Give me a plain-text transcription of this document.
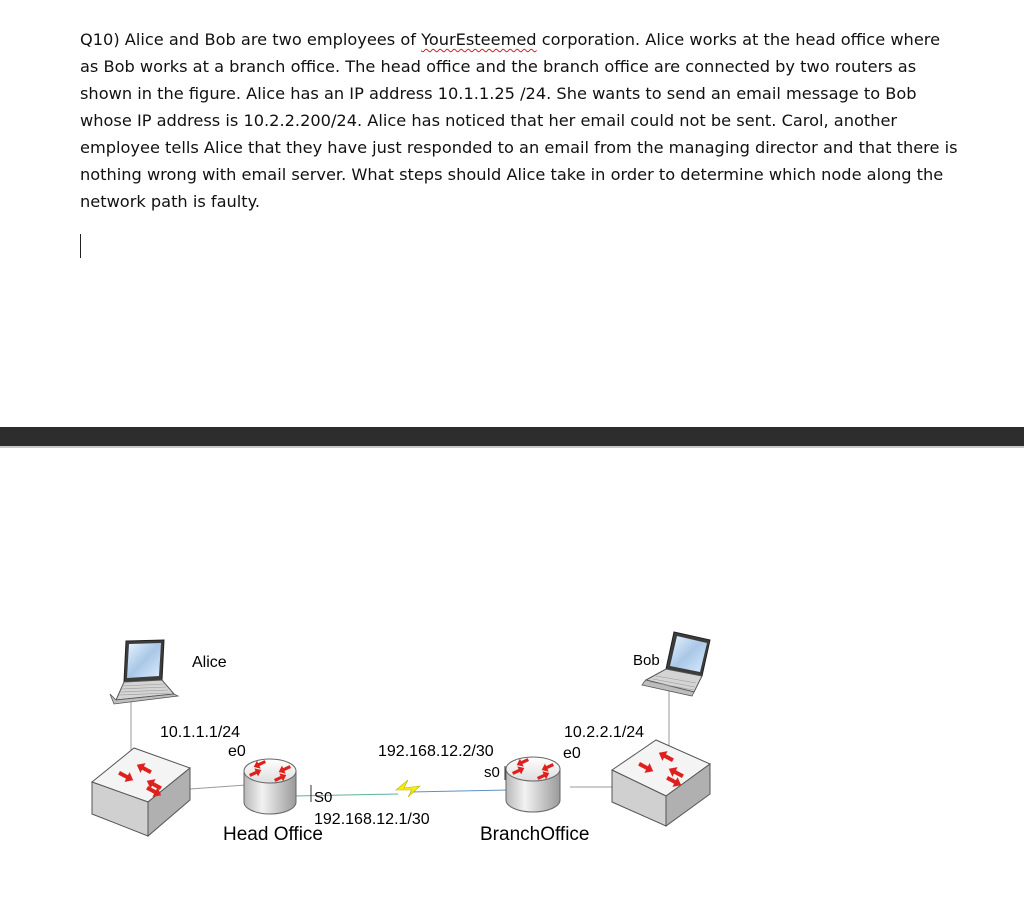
Q10) Alice and Bob are two employees of YourEsteemed corporation. Alice works at the head office where as Bob works at a branch office. The head office and the branch office are connected by two routers as shown in the figure. Alice has an IP address 10.1.1.25 /24. She wants to send an email message to Bob whose IP address is 10.2.2.200/24. Alice has noticed that her email could not be sent. Carol, another employee tells Alice that they have just responded to an email from the managing director and that there is nothing wrong with email server. What steps should Alice take in order to determine which node along the network path is faulty.

Alice	Bob
10.1.1.1/24
e0
S0
192.168.12.1/30
Head Office
192.168.12.2/30
s0
e0
10.2.2.1/24
BranchOffice
